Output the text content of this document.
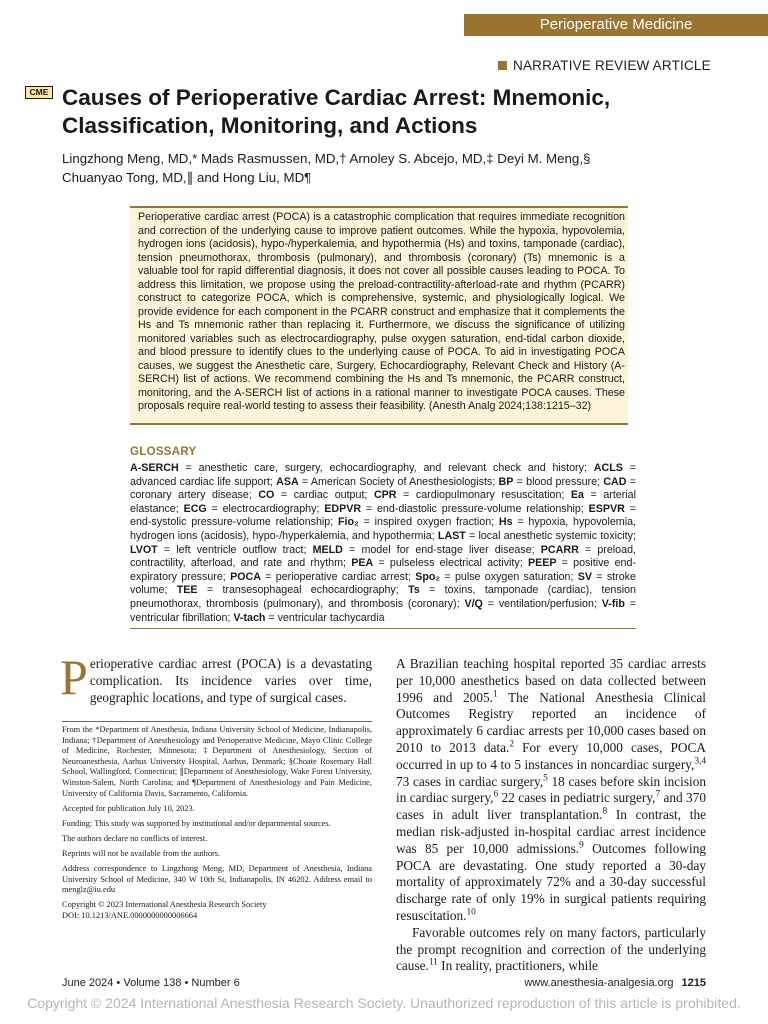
Perioperative Medicine
NARRATIVE REVIEW ARTICLE
CME Causes of Perioperative Cardiac Arrest: Mnemonic, Classification, Monitoring, and Actions
Lingzhong Meng, MD,* Mads Rasmussen, MD,† Arnoley S. Abcejo, MD,‡ Deyi M. Meng,§
Chuanyao Tong, MD,∥ and Hong Liu, MD¶

Perioperative cardiac arrest (POCA) is a catastrophic complication that requires immediate recognition and correction of the underlying cause to improve patient outcomes. While the hypoxia, hypovolemia, hydrogen ions (acidosis), hypo-/hyperkalemia, and hypothermia (Hs) and toxins, tamponade (cardiac), tension pneumothorax, thrombosis (pulmonary), and thrombosis (coronary) (Ts) mnemonic is a valuable tool for rapid differential diagnosis, it does not cover all possible causes leading to POCA. To address this limitation, we propose using the preload-contractility-afterload-rate and rhythm (PCARR) construct to categorize POCA, which is comprehensive, systemic, and physiologically logical. We provide evidence for each component in the PCARR construct and emphasize that it complements the Hs and Ts mnemonic rather than replacing it. Furthermore, we discuss the significance of utilizing monitored variables such as electrocardiography, pulse oxygen saturation, end-tidal carbon dioxide, and blood pressure to identify clues to the underlying cause of POCA. To aid in investigating POCA causes, we suggest the Anesthetic care, Surgery, Echocardiography, Relevant Check and History (A-SERCH) list of actions. We recommend combining the Hs and Ts mnemonic, the PCARR construct, monitoring, and the A-SERCH list of actions in a rational manner to investigate POCA causes. These proposals require real-world testing to assess their feasibility. (Anesth Analg 2024;138:1215–32)

GLOSSARY
A-SERCH = anesthetic care, surgery, echocardiography, and relevant check and history; ACLS = advanced cardiac life support; ASA = American Society of Anesthesiologists; BP = blood pressure; CAD = coronary artery disease; CO = cardiac output; CPR = cardiopulmonary resuscitation; Ea = arterial elastance; ECG = electrocardiography; EDPVR = end-diastolic pressure-volume relationship; ESPVR = end-systolic pressure-volume relationship; Fio₂ = inspired oxygen fraction; Hs = hypoxia, hypovolemia, hydrogen ions (acidosis), hypo-/hyperkalemia, and hypothermia; LAST = local anesthetic systemic toxicity; LVOT = left ventricle outflow tract; MELD = model for end-stage liver disease; PCARR = preload, contractility, afterload, and rate and rhythm; PEA = pulseless electrical activity; PEEP = positive end-expiratory pressure; POCA = perioperative cardiac arrest; Spo₂ = pulse oxygen saturation; SV = stroke volume; TEE = transesophageal echocardiography; Ts = toxins, tamponade (cardiac), tension pneumothorax, thrombosis (pulmonary), and thrombosis (coronary); V/Q = ventilation/perfusion; V-fib = ventricular fibrillation; V-tach = ventricular tachycardia
Perioperative cardiac arrest (POCA) is a devastating complication. Its incidence varies over time, geographic locations, and type of surgical cases.

From the *Department of Anesthesia, Indiana University School of Medicine, Indianapolis, Indiana; †Department of Anesthesiology and Perioperative Medicine, Mayo Clinic College of Medicine, Rochester, Minnesota; ‡Department of Anesthesiology, Section of Neuroanesthesia, Aarhus University Hospital, Aarhus, Denmark; §Choate Rosemary Hall School, Wallingford, Connecticut; ∥Department of Anesthesiology, Wake Forest University, Winston-Salem, North Carolina; and ¶Department of Anesthesiology and Pain Medicine, University of California Davis, Sacramento, California.

Accepted for publication July 10, 2023.

Funding: This study was supported by institutional and/or departmental sources.

The authors declare no conflicts of interest.

Reprints will not be available from the authors.

Address correspondence to Lingzhong Meng, MD, Department of Anesthesia, Indiana University School of Medicine, 340 W 10th St, Indianapolis, IN 46202. Address email to menglz@iu.edu

Copyright © 2023 International Anesthesia Research Society

DOI: 10.1213/ANE.0000000000006664

A Brazilian teaching hospital reported 35 cardiac arrests per 10,000 anesthetics based on data collected between 1996 and 2005.$^1$ The National Anesthesia Clinical Outcomes Registry reported an incidence of approximately 6 cardiac arrests per 10,000 cases based on 2010 to 2013 data.$^2$ For every 10,000 cases, POCA occurred in up to 4 to 5 instances in noncardiac surgery,$^{3,4}$ 73 cases in cardiac surgery,$^5$ 18 cases before skin incision in cardiac surgery,$^6$ 22 cases in pediatric surgery,$^7$ and 370 cases in adult liver transplantation.$^8$ In contrast, the median risk-adjusted in-hospital cardiac arrest incidence was 85 per 10,000 admissions.$^9$ Outcomes following POCA are devastating. One study reported a 30-day mortality of approximately 72% and a 30-day successful discharge rate of only 19% in surgical patients requiring resuscitation.$^{10}$

Favorable outcomes rely on many factors, particularly the prompt recognition and correction of the underlying cause.$^{11}$ In reality, practitioners, while

June 2024 • Volume 138 • Number 6	www.anesthesia-analgesia.org 1215
Copyright © 2024 International Anesthesia Research Society. Unauthorized reproduction of this article is prohibited.
